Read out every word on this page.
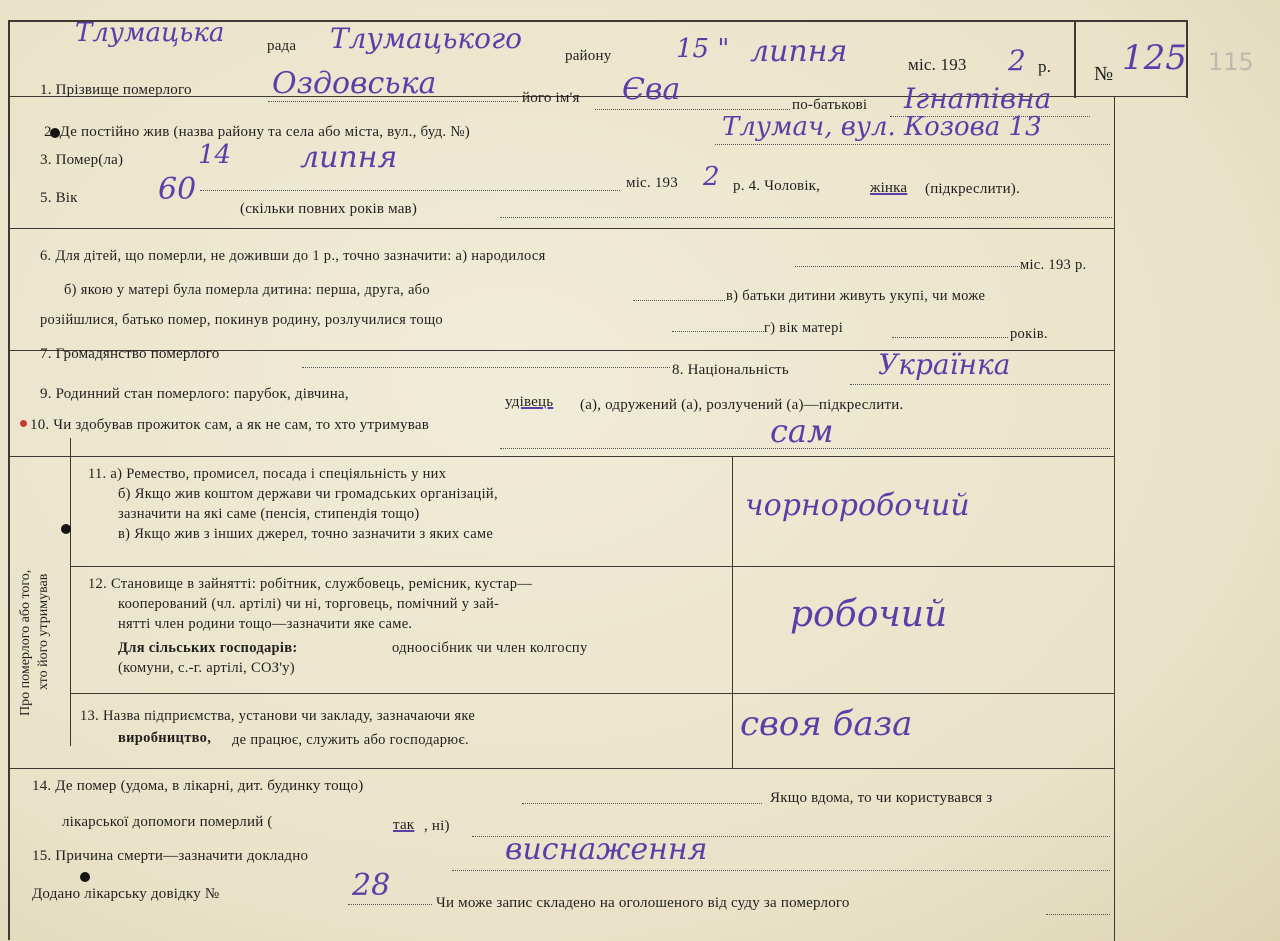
115
Тлумацька	рада Тлумацького
району 15 " липня	міс. 193 2 р. № 125
1. Прізвище померлого	Оздовська	його ім'я Єва	по-батькові Ігнатівна
2. Де постійно жив (назва району та села або міста, вул., буд. №)	Тлумач, вул. Козова 13
3. Помер(ла)	14 липня
міс. 193 2 р. 4. Чоловік,	жінка (підкреслити).
5. Вік	60
(скільки повних років мав)
6. Для дітей, що померли, не доживши до 1 р., точно зазначити: а) народилося
міс. 193 р.
б) якою у матері була померла дитина: перша, друга, або	в) батьки дитини живуть укупі, чи може
розійшлися, батько помер, покинув родину, розлучилися тощо	г) вік матері	років.
7. Громадянство померлого
8. Національність	Українка
9. Родинний стан померлого: парубок, дівчина,	удівець (а), одружений (а), розлучений (а)—підкреслити.
10. Чи здобував прожиток сам, а як не сам, то хто утримував	сам
Про померлого або того, хто його утримував
11. а) Ремество, промисел, посада і спеціяльність у них
б) Якщо жив коштом держави чи громадських організацій,
зазначити на які саме (пенсія, стипендія тощо)
в) Якщо жив з інших джерел, точно зазначити з яких саме
чорноробочий
12. Становище в зайнятті: робітник, службовець, ремісник, кустар—
кооперований (чл. артілі) чи ні, торговець, помічний у зай-
нятті член родини тощо—зазначити яке саме.
Для сільських господарів:	одноосібник чи член колгоспу
(комуни, с.-г. артілі, СОЗ'у)
робочий
13. Назва підприємства, установи чи закладу, зазначаючи яке
виробництво, де працює, служить або господарює.	своя база
14. Де помер (удома, в лікарні, дит. будинку тощо)
Якщо вдома, то чи користувався з
лікарської допомоги померлий (	так , ні)
15. Причина смерти—зазначити докладно	виснаження
Додано лікарську довідку №	28	Чи може запис складено на оголошеного від суду за померлого
